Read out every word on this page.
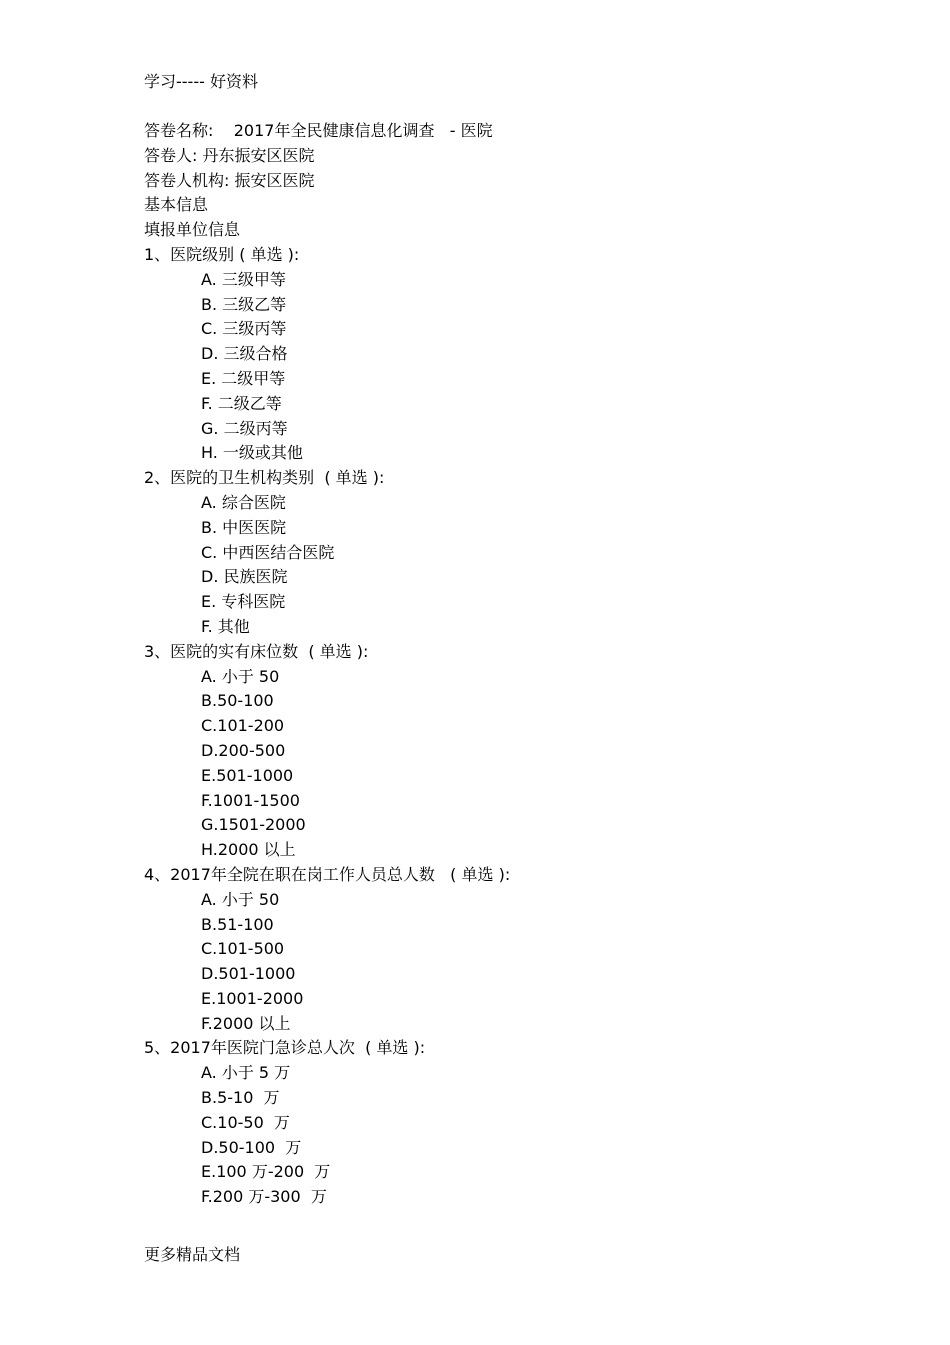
学习----- 好资料
答卷名称:    2017年全民健康信息化调查   - 医院
答卷人: 丹东振安区医院
答卷人机构: 振安区医院
基本信息
填报单位信息
1、医院级别 ( 单选 ):
A. 三级甲等
B. 三级乙等
C. 三级丙等
D. 三级合格
E. 二级甲等
F. 二级乙等
G. 二级丙等
H. 一级或其他
2、医院的卫生机构类别  ( 单选 ):
A. 综合医院
B. 中医医院
C. 中西医结合医院
D. 民族医院
E. 专科医院
F. 其他
3、医院的实有床位数  ( 单选 ):
A. 小于 50
B.50-100
C.101-200
D.200-500
E.501-1000
F.1001-1500
G.1501-2000
H.2000 以上
4、2017年全院在职在岗工作人员总人数   ( 单选 ):
A. 小于 50
B.51-100
C.101-500
D.501-1000
E.1001-2000
F.2000 以上
5、2017年医院门急诊总人次  ( 单选 ):
A. 小于 5 万
B.5-10  万
C.10-50  万
D.50-100  万
E.100 万-200  万
F.200 万-300  万
更多精品文档
